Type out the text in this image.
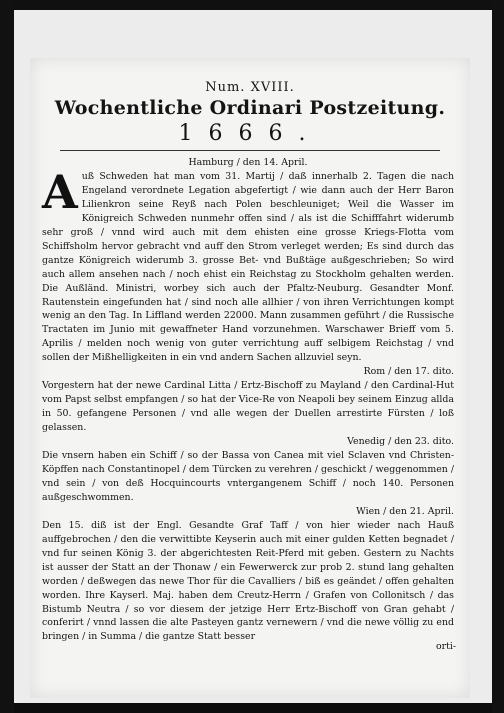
Num. XVIII.
Wochentliche Ordinari Postzeitung.
1666.

Hamburg / den 14. April.

A uß Schweden hat man vom 31. Martij / daß innerhalb 2. Tagen die nach Engeland verordnete Legation abgefertigt / wie dann auch der Herr Baron Lilienkron seine Reyß nach Polen beschleuniget; Weil die Wasser im Königreich Schweden nunmehr offen sind / als ist die Schifffahrt widerumb sehr groß / vnnd wird auch mit dem ehisten eine grosse Kriegs-Flotta vom Schiffsholm hervor gebracht vnd auff den Strom verleget werden; Es sind durch das gantze Königreich widerumb 3. grosse Bet- vnd Bußtäge außgeschrieben; So wird auch allem ansehen nach / noch ehist ein Reichstag zu Stockholm gehalten werden. Die Außländ. Ministri, worbey sich auch der Pfaltz-Neuburg. Gesandter Monf. Rautenstein eingefunden hat / sind noch alle allhier / von ihren Verrichtungen kompt wenig an den Tag. In Liffland werden 22000. Mann zusammen geführt / die Russische Tractaten im Junio mit gewaffneter Hand vorzunehmen. Warschawer Brieff vom 5. Aprilis / melden noch wenig von guter verrichtung auff selbigem Reichstag / vnd sollen der Mißhelligkeiten in ein vnd andern Sachen allzuviel seyn.

Rom / den 17. dito.

Vorgestern hat der newe Cardinal Litta / Ertz-Bischoff zu Mayland / den Cardinal-Hut vom Papst selbst empfangen / so hat der Vice-Re von Neapoli bey seinem Einzug allda in 50. gefangene Personen / vnd alle wegen der Duellen arrestirte Fürsten / loß gelassen.

Venedig / den 23. dito.

Die vnsern haben ein Schiff / so der Bassa von Canea mit viel Sclaven vnd Christen-Köpffen nach Constantinopel / dem Türcken zu verehren / geschickt / weggenommen / vnd sein / von deß Hocquincourts vntergangenem Schiff / noch 140. Personen außgeschwommen.

Wien / den 21. April.

Den 15. diß ist der Engl. Gesandte Graf Taff / von hier wieder nach Hauß auffgebrochen / den die verwittibte Keyserin auch mit einer gulden Ketten begnadet / vnd fur seinen König 3. der abgerichtesten Reit-Pferd mit geben. Gestern zu Nachts ist ausser der Statt an der Thonaw / ein Fewerwerck zur prob 2. stund lang gehalten worden / deßwegen das newe Thor für die Cavalliers / biß es geändet / offen gehalten worden. Ihre Kayserl. Maj. haben dem Creutz-Herrn / Grafen von Collonitsch / das Bistumb Neutra / so vor diesem der jetzige Herr Ertz-Bischoff von Gran gehabt / conferirt / vnnd lassen die alte Pasteyen gantz vernewern / vnd die newe völlig zu end bringen / in Summa / die gantze Statt besser

orti-
